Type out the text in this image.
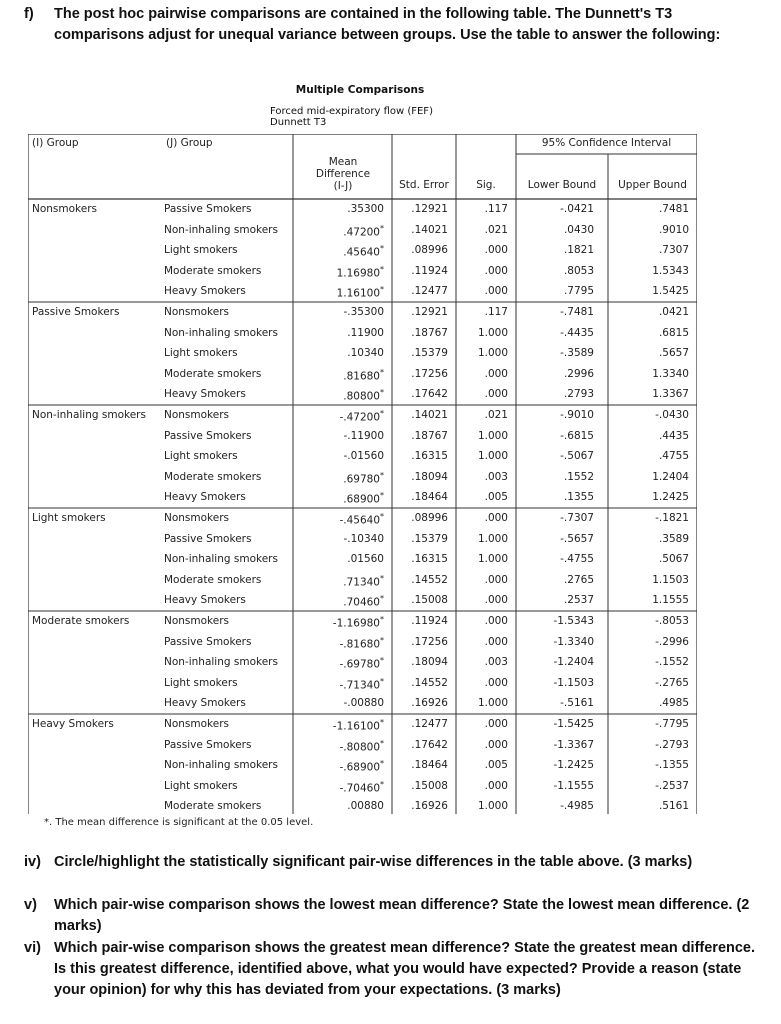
f) The post hoc pairwise comparisons are contained in the following table. The Dunnett's T3 comparisons adjust for unequal variance between groups. Use the table to answer the following:
Multiple Comparisons
Forced mid-expiratory flow (FEF)
Dunnett T3
(I) Group	(J) Group
Mean Difference (I-J)	Std. Error	Sig.
95% Confidence Interval
Lower Bound	Upper Bound
Nonsmokers	Passive Smokers	.35300	.12921	.117	-.0421	.7481
Non-inhaling smokers	.47200*	.14021	.021	.0430	.9010
Light smokers	.45640*	.08996	.000	.1821	.7307
Moderate smokers	1.16980*	.11924	.000	.8053	1.5343
Heavy Smokers	1.16100*	.12477	.000	.7795	1.5425
Passive Smokers	Nonsmokers	-.35300	.12921	.117	-.7481	.0421
Non-inhaling smokers	.11900	.18767	1.000	-.4435	.6815
Light smokers	.10340	.15379	1.000	-.3589	.5657
Moderate smokers	.81680*	.17256	.000	.2996	1.3340
Heavy Smokers	.80800*	.17642	.000	.2793	1.3367
Non-inhaling smokers	Nonsmokers	-.47200*	.14021	.021	-.9010	-.0430
Passive Smokers	-.11900	.18767	1.000	-.6815	.4435
Light smokers	-.01560	.16315	1.000	-.5067	.4755
Moderate smokers	.69780*	.18094	.003	.1552	1.2404
Heavy Smokers	.68900*	.18464	.005	.1355	1.2425
Light smokers	Nonsmokers	-.45640*	.08996	.000	-.7307	-.1821
Passive Smokers	-.10340	.15379	1.000	-.5657	.3589
Non-inhaling smokers	.01560	.16315	1.000	-.4755	.5067
Moderate smokers	.71340*	.14552	.000	.2765	1.1503
Heavy Smokers	.70460*	.15008	.000	.2537	1.1555
Moderate smokers	Nonsmokers	-1.16980*	.11924	.000	-1.5343	-.8053
Passive Smokers	-.81680*	.17256	.000	-1.3340	-.2996
Non-inhaling smokers	-.69780*	.18094	.003	-1.2404	-.1552
Light smokers	-.71340*	.14552	.000	-1.1503	-.2765
Heavy Smokers	-.00880	.16926	1.000	-.5161	.4985
Heavy Smokers	Nonsmokers	-1.16100*	.12477	.000	-1.5425	-.7795
Passive Smokers	-.80800*	.17642	.000	-1.3367	-.2793
Non-inhaling smokers	-.68900*	.18464	.005	-1.2425	-.1355
Light smokers	-.70460*	.15008	.000	-1.1555	-.2537
Moderate smokers	.00880	.16926	1.000	-.4985	.5161
*. The mean difference is significant at the 0.05 level.
iv) Circle/highlight the statistically significant pair-wise differences in the table above. (3 marks)
v) Which pair-wise comparison shows the lowest mean difference? State the lowest mean difference. (2 marks)
vi) Which pair-wise comparison shows the greatest mean difference? State the greatest mean difference. Is this greatest difference, identified above, what you would have expected? Provide a reason (state your opinion) for why this has deviated from your expectations. (3 marks)
